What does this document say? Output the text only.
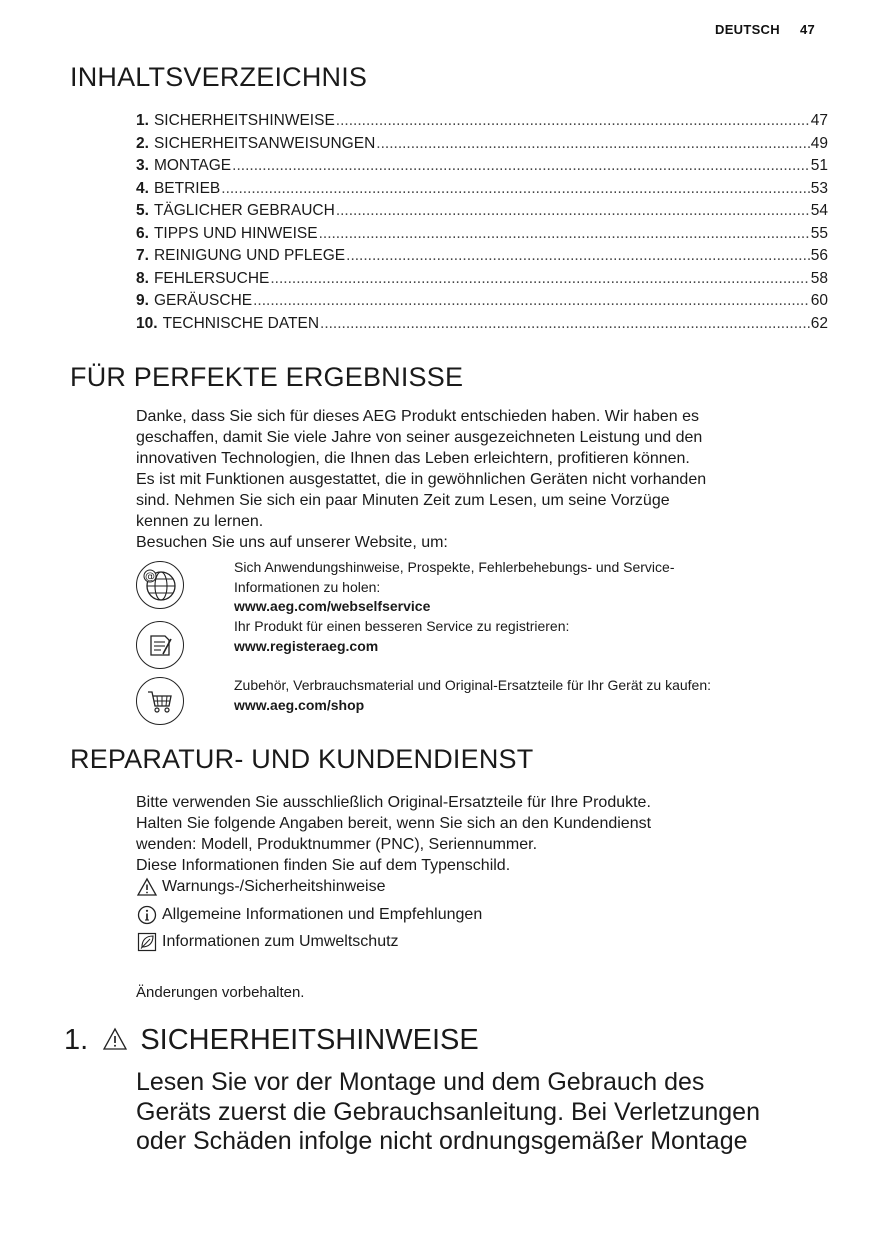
DEUTSCH 47
INHALTSVERZEICHNIS
1. SICHERHEITSHINWEISE .....	47
2. SICHERHEITSANWEISUNGEN .....	49
3. MONTAGE .....	51
4. BETRIEB .....	53
5. TÄGLICHER GEBRAUCH .....	54
6. TIPPS UND HINWEISE .....	55
7. REINIGUNG UND PFLEGE .....	56
8. FEHLERSUCHE .....	58
9. GERÄUSCHE .....	60
10. TECHNISCHE DATEN .....	62
FÜR PERFEKTE ERGEBNISSE

Danke, dass Sie sich für dieses AEG Produkt entschieden haben. Wir haben es

geschaffen, damit Sie viele Jahre von seiner ausgezeichneten Leistung und den

innovativen Technologien, die Ihnen das Leben erleichtern, profitieren können.

Es ist mit Funktionen ausgestattet, die in gewöhnlichen Geräten nicht vorhanden

sind. Nehmen Sie sich ein paar Minuten Zeit zum Lesen, um seine Vorzüge

kennen zu lernen.

Besuchen Sie uns auf unserer Website, um:

@
Sich Anwendungshinweise, Prospekte, Fehlerbehebungs- und Service-
Informationen zu holen:
www.aeg.com/webselfservice
Ihr Produkt für einen besseren Service zu registrieren:
www.registeraeg.com
Zubehör, Verbrauchsmaterial und Original-Ersatzteile für Ihr Gerät zu kaufen:
www.aeg.com/shop
REPARATUR- UND KUNDENDIENST

Bitte verwenden Sie ausschließlich Original-Ersatzteile für Ihre Produkte.

Halten Sie folgende Angaben bereit, wenn Sie sich an den Kundendienst

wenden: Modell, Produktnummer (PNC), Seriennummer.

Diese Informationen finden Sie auf dem Typenschild.

Warnungs-/Sicherheitshinweise
Allgemeine Informationen und Empfehlungen
Informationen zum Umweltschutz
Änderungen vorbehalten.
1. SICHERHEITSHINWEISE

Lesen Sie vor der Montage und dem Gebrauch des

Geräts zuerst die Gebrauchsanleitung. Bei Verletzungen

oder Schäden infolge nicht ordnungsgemäßer Montage
